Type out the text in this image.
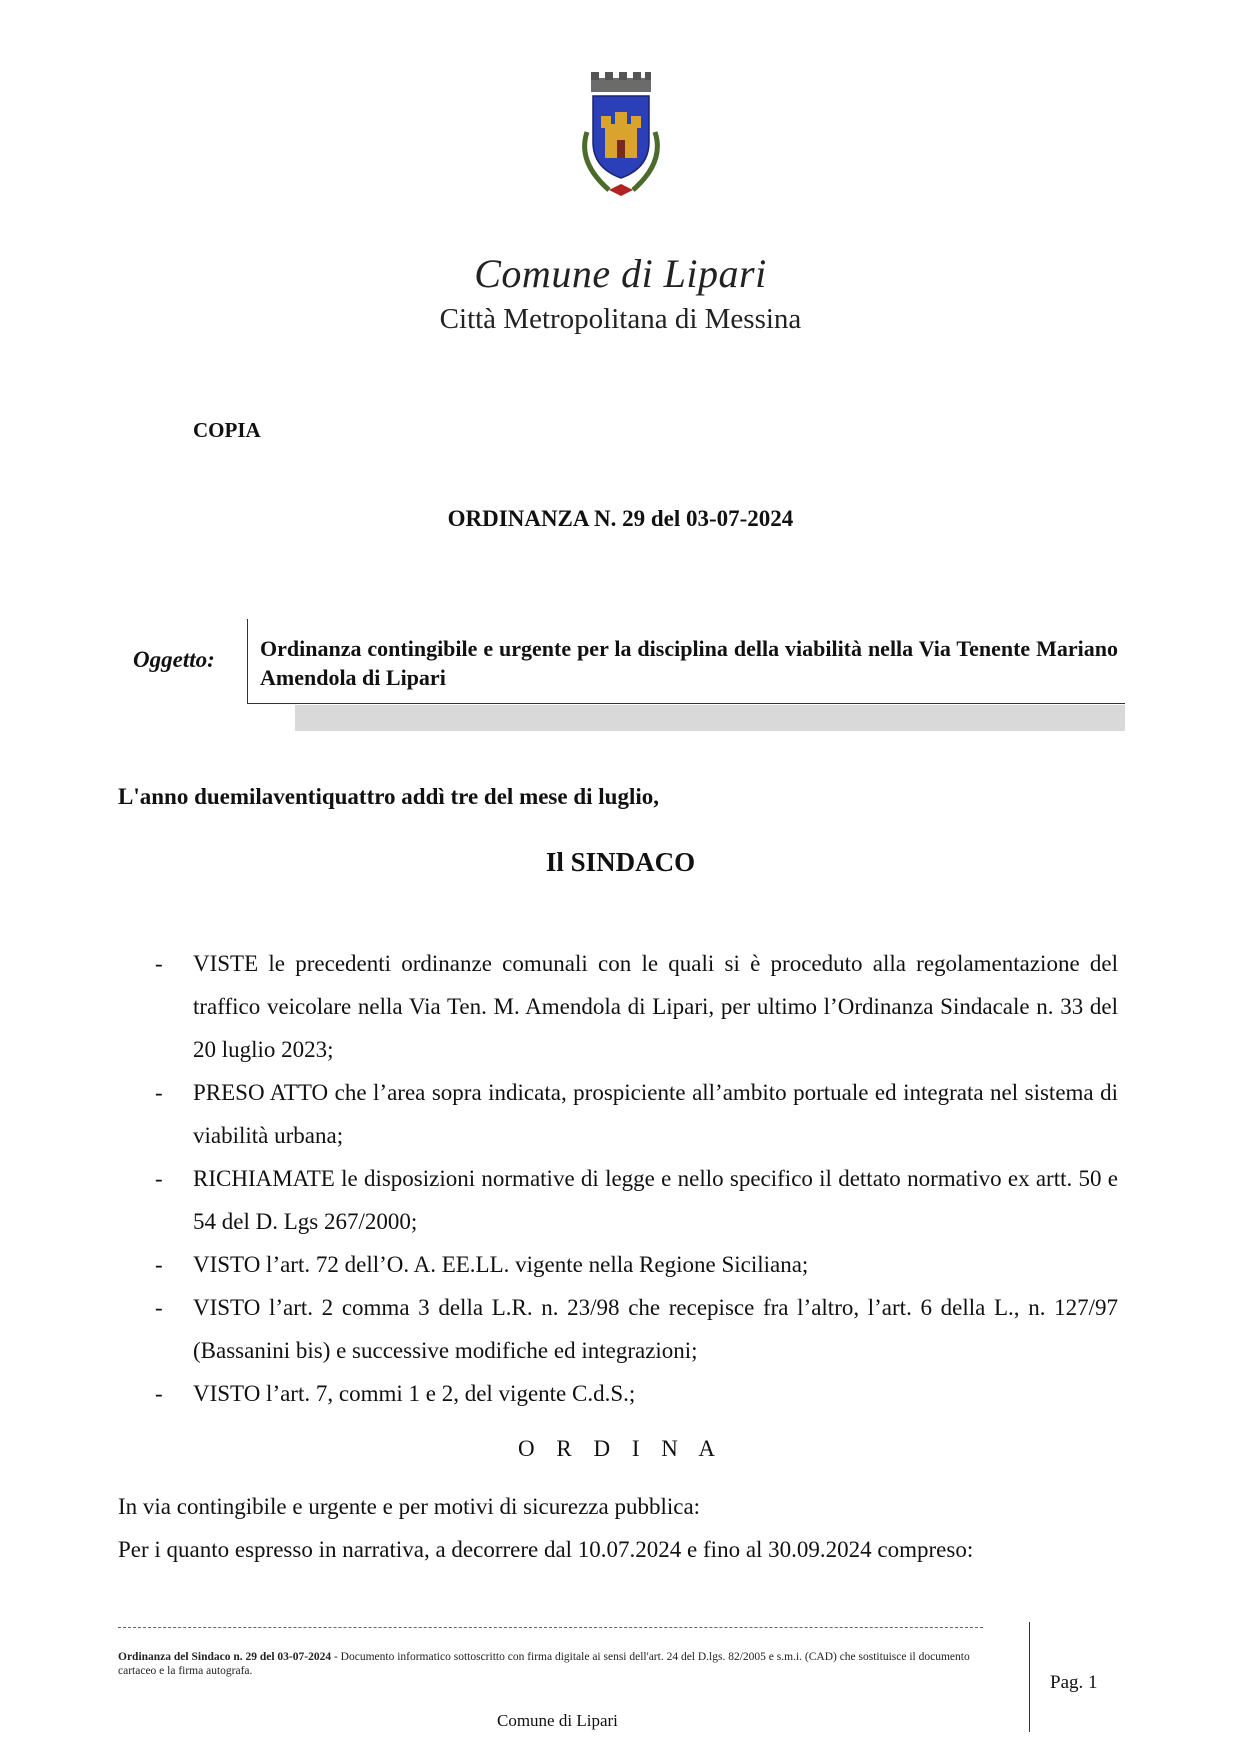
Comune di Lipari
Città Metropolitana di Messina
COPIA
ORDINANZA N. 29 del 03-07-2024
Oggetto: Ordinanza contingibile e urgente per la disciplina della viabilità nella Via Tenente Mariano Amendola di Lipari
L'anno duemilaventiquattro addì tre del mese di luglio,
Il SINDACO
- VISTE le precedenti ordinanze comunali con le quali si è proceduto alla regolamentazione del traffico veicolare nella Via Ten. M. Amendola di Lipari, per ultimo l’Ordinanza Sindacale n. 33 del 20 luglio 2023;
- PRESO ATTO che l’area sopra indicata, prospiciente all’ambito portuale ed integrata nel sistema di viabilità urbana;
- RICHIAMATE le disposizioni normative di legge e nello specifico il dettato normativo ex artt. 50 e 54 del D. Lgs 267/2000;
- VISTO l’art. 72 dell’O. A. EE.LL. vigente nella Regione Siciliana;
- VISTO l’art. 2 comma 3 della L.R. n. 23/98 che recepisce fra l’altro, l’art. 6 della L., n. 127/97 (Bassanini bis) e successive modifiche ed integrazioni;
- VISTO l’art. 7, commi 1 e 2, del vigente C.d.S.;
O R D I N A
In via contingibile e urgente e per motivi di sicurezza pubblica:
Per i quanto espresso in narrativa, a decorrere dal 10.07.2024 e fino al 30.09.2024 compreso:
Ordinanza del Sindaco n. 29 del 03-07-2024 - Documento informatico sottoscritto con firma digitale ai sensi dell'art. 24 del D.lgs. 82/2005 e s.m.i. (CAD) che sostituisce il documento cartaceo e la firma autografa.
Pag. 1
Comune di Lipari
